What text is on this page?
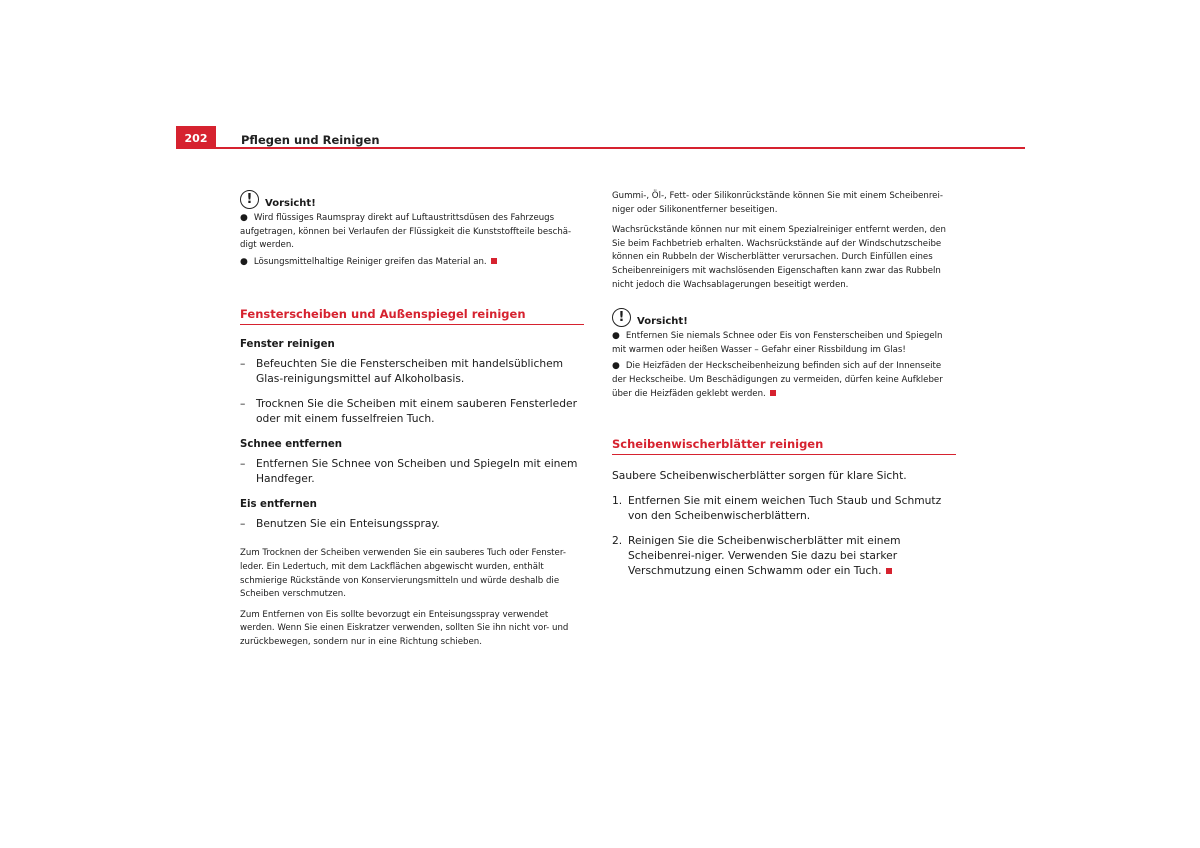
202	Pflegen und Reinigen
!	Vorsicht!
● Wird flüssiges Raumspray direkt auf Luftaustrittsdüsen des Fahrzeugs aufgetragen, können bei Verlaufen der Flüssigkeit die Kunststoffteile beschä-digt werden.
● Lösungsmittelhaltige Reiniger greifen das Material an.
Fensterscheiben und Außenspiegel reinigen
Fenster reinigen
– Befeuchten Sie die Fensterscheiben mit handelsüblichem Glas-reinigungsmittel auf Alkoholbasis.
– Trocknen Sie die Scheiben mit einem sauberen Fensterleder oder mit einem fusselfreien Tuch.
Schnee entfernen
– Entfernen Sie Schnee von Scheiben und Spiegeln mit einem Handfeger.
Eis entfernen
– Benutzen Sie ein Enteisungsspray.
Zum Trocknen der Scheiben verwenden Sie ein sauberes Tuch oder Fenster-leder. Ein Ledertuch, mit dem Lackflächen abgewischt wurden, enthält schmierige Rückstände von Konservierungsmitteln und würde deshalb die Scheiben verschmutzen.
Zum Entfernen von Eis sollte bevorzugt ein Enteisungsspray verwendet werden. Wenn Sie einen Eiskratzer verwenden, sollten Sie ihn nicht vor- und zurückbewegen, sondern nur in eine Richtung schieben.
Gummi-, Öl-, Fett- oder Silikonrückstände können Sie mit einem Scheibenrei-niger oder Silikonentferner beseitigen.
Wachsrückstände können nur mit einem Spezialreiniger entfernt werden, den Sie beim Fachbetrieb erhalten. Wachsrückstände auf der Windschutzscheibe können ein Rubbeln der Wischerblätter verursachen. Durch Einfüllen eines Scheibenreinigers mit wachslösenden Eigenschaften kann zwar das Rubbeln nicht jedoch die Wachsablagerungen beseitigt werden.
!	Vorsicht!
● Entfernen Sie niemals Schnee oder Eis von Fensterscheiben und Spiegeln mit warmen oder heißen Wasser – Gefahr einer Rissbildung im Glas!
● Die Heizfäden der Heckscheibenheizung befinden sich auf der Innenseite der Heckscheibe. Um Beschädigungen zu vermeiden, dürfen keine Aufkleber über die Heizfäden geklebt werden.
Scheibenwischerblätter reinigen
Saubere Scheibenwischerblätter sorgen für klare Sicht.
1. Entfernen Sie mit einem weichen Tuch Staub und Schmutz von den Scheibenwischerblättern.
2. Reinigen Sie die Scheibenwischerblätter mit einem Scheibenrei-niger. Verwenden Sie dazu bei starker Verschmutzung einen Schwamm oder ein Tuch.
